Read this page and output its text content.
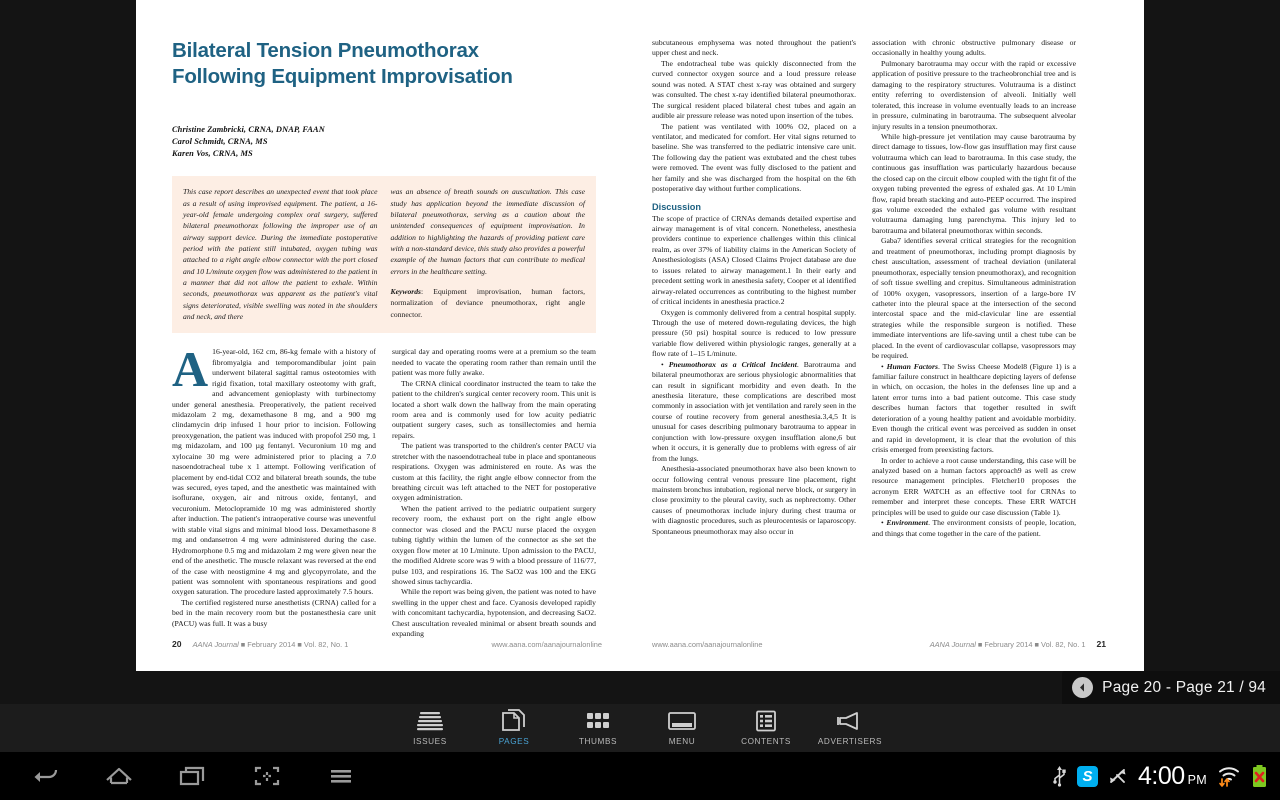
Bilateral Tension Pneumothorax Following Equipment Improvisation
Christine Zambricki, CRNA, DNAP, FAAN
Carol Schmidt, CRNA, MS
Karen Vos, CRNA, MS

This case report describes an unexpected event that took place as a result of using improvised equipment. The patient, a 16-year-old female undergoing complex oral surgery, suffered bilateral pneumothorax following the improper use of an airway support device. During the immediate postoperative period with the patient still intubated, oxygen tubing was attached to a right angle elbow connector with the port closed and 10 L/minute oxygen flow was administered to the patient in a manner that did not allow the patient to exhale. Within seconds, pneumothorax was apparent as the patient's vital signs deteriorated, visible swelling was noted in the shoulders and neck, and there

was an absence of breath sounds on auscultation. This case study has application beyond the immediate discussion of bilateral pneumothorax, serving as a caution about the unintended consequences of equipment improvisation. In addition to highlighting the hazards of providing patient care with a non-standard device, this study also provides a powerful example of the human factors that can contribute to medical errors in the healthcare setting.

Keywords: Equipment improvisation, human factors, normalization of deviance pneumothorax, right angle connector.

A16-year-old, 162 cm, 86-kg female with a history of fibromyalgia and temporomandibular joint pain underwent bilateral sagittal ramus osteotomies with rigid fixation, total maxillary osteotomy with graft, and advancement genioplasty with turbinectomy under general anesthesia. Preoperatively, the patient received midazolam 2 mg, dexamethasone 8 mg, and a 900 mg clindamycin drip infused 1 hour prior to incision. Following preoxygenation, the patient was induced with propofol 250 mg, 1 mg midazolam, and 100 µg fentanyl. Vecuronium 10 mg and xylocaine 30 mg were administered prior to placing a 7.0 nasoendotracheal tube x 1 attempt. Following verification of placement by end-tidal CO2 and bilateral breath sounds, the tube was secured, eyes taped, and the anesthetic was maintained with isoflurane, oxygen, air and nitrous oxide, fentanyl, and vecuronium. Metoclopramide 10 mg was administered shortly after induction. The patient's intraoperative course was uneventful with stable vital signs and minimal blood loss. Dexamethasone 8 mg and ondansetron 4 mg were administered during the case. Hydromorphone 0.5 mg and midazolam 2 mg were given near the end of the anesthetic. The muscle relaxant was reversed at the end of the case with neostigmine 4 mg and glycopyrrolate, and the patient was somnolent with spontaneous respirations and good oxygen saturation. The procedure lasted approximately 7.5 hours.

The certified registered nurse anesthetists (CRNA) called for a bed in the main recovery room but the postanesthesia care unit (PACU) was full. It was a busy

surgical day and operating rooms were at a premium so the team needed to vacate the operating room rather than remain until the patient was more fully awake.

The CRNA clinical coordinator instructed the team to take the patient to the children's surgical center recovery room. This unit is located a short walk down the hallway from the main operating room area and is commonly used for low acuity pediatric outpatient surgery cases, such as tonsillectomies and hernia repairs.

The patient was transported to the children's center PACU via stretcher with the nasoendotracheal tube in place and spontaneous respirations. Oxygen was administered en route. As was the custom at this facility, the right angle elbow connector from the breathing circuit was left attached to the NET for postoperative oxygen administration.

When the patient arrived to the pediatric outpatient surgery recovery room, the exhaust port on the right angle elbow connector was closed and the PACU nurse placed the oxygen tubing tightly within the lumen of the connector as she set the oxygen flow meter at 10 L/minute. Upon admission to the PACU, the modified Aldrete score was 9 with a blood pressure of 116/77, pulse 103, and respirations 16. The SaO2 was 100 and the EKG showed sinus tachycardia.

While the report was being given, the patient was noted to have swelling in the upper chest and face. Cyanosis developed rapidly with concomitant tachycardia, hypotension, and decreasing SaO2. Chest auscultation revealed minimal or absent breath sounds and expanding

20 AANA Journal ■ February 2014 ■ Vol. 82, No. 1	www.aana.com/aanajournalonline

subcutaneous emphysema was noted throughout the patient's upper chest and neck.

The endotracheal tube was quickly disconnected from the curved connector oxygen source and a loud pressure release sound was noted. A STAT chest x-ray was obtained and surgery was consulted. The chest x-ray identified bilateral pneumothorax. The surgical resident placed bilateral chest tubes and again an audible air pressure release was noted upon insertion of the tubes.

The patient was ventilated with 100% O2, placed on a ventilator, and medicated for comfort. Her vital signs returned to baseline. She was transferred to the pediatric intensive care unit. The following day the patient was extubated and the chest tubes were removed. The event was fully disclosed to the patient and her family and she was discharged from the hospital on the 6th postoperative day without further complications.

Discussion

The scope of practice of CRNAs demands detailed expertise and airway management is of vital concern. Nonetheless, anesthesia providers continue to experience challenges within this clinical realm, as over 37% of liability claims in the American Society of Anesthesiologists (ASA) Closed Claims Project database are due to issues related to airway management.1 In their early and precedent setting work in anesthesia safety, Cooper et al identified airway-related occurrences as contributing to the highest number of critical incidents in anesthesia practice.2

Oxygen is commonly delivered from a central hospital supply. Through the use of metered down-regulating devices, the high pressure (50 psi) hospital source is reduced to low pressure variable flow delivered within physiologic ranges, generally at a flow rate of 1–15 L/minute.

• Pneumothorax as a Critical Incident. Barotrauma and bilateral pneumothorax are serious physiologic abnormalities that can result in significant morbidity and even death. In the anesthesia literature, these complications are described most commonly in association with jet ventilation and rarely seen in the course of routine recovery from general anesthesia.3,4,5 It is unusual for cases describing pulmonary barotrauma to appear in conjunction with low-pressure oxygen insufflation alone,6 but when it occurs, it is generally due to problems with egress of air from the lungs.

Anesthesia-associated pneumothorax have also been known to occur following central venous pressure line placement, right mainstem bronchus intubation, regional nerve block, or surgery in close proximity to the pleural cavity, such as nephrectomy. Other causes of pneumothorax include injury during chest trauma or with diagnostic procedures, such as pleurocentesis or laparoscopy. Spontaneous pneumothorax may also occur in

association with chronic obstructive pulmonary disease or occasionally in healthy young adults.

Pulmonary barotrauma may occur with the rapid or excessive application of positive pressure to the tracheobronchial tree and is damaging to the respiratory structures. Volutrauma is a distinct entity referring to overdistension of alveoli. Initially well tolerated, this increase in volume eventually leads to an increase in pressure, culminating in barotrauma. The subsequent alveolar injury results in a tension pneumothorax.

While high-pressure jet ventilation may cause barotrauma by direct damage to tissues, low-flow gas insufflation may first cause volutrauma which can lead to barotrauma. In this case study, the continuous gas insufflation was particularly hazardous because the closed cap on the circuit elbow coupled with the tight fit of the oxygen tubing prevented the egress of exhaled gas. At 10 L/min flow, rapid breath stacking and auto-PEEP occurred. The inspired gas volume exceeded the exhaled gas volume with resultant volutrauma damaging lung parenchyma. This injury led to barotrauma and bilateral pneumothorax within seconds.

Gaba7 identifies several critical strategies for the recognition and treatment of pneumothorax, including prompt diagnosis by chest auscultation, assessment of tracheal deviation (unilateral pneumothorax, especially tension pneumothorax), and recognition of soft tissue swelling and crepitus. Simultaneous administration of 100% oxygen, vasopressors, insertion of a large-bore IV catheter into the pleural space at the intersection of the second intercostal space and the mid-clavicular line are essential strategies while the responsible surgeon is notified. These immediate interventions are life-saving until a chest tube can be placed. In the event of cardiovascular collapse, vasopressors may be required.

• Human Factors. The Swiss Cheese Model8 (Figure 1) is a familiar failure construct in healthcare depicting layers of defense in which, on occasion, the holes in the defenses line up and a latent error turns into a bad patient outcome. This case study describes human factors that together resulted in swift deterioration of a young healthy patient and avoidable morbidity. Even though the critical event was perceived as sudden in onset and rapid in development, it is clear that the evolution of this crisis emerged from preexisting factors.

In order to achieve a root cause understanding, this case will be analyzed based on a human factors approach9 as well as crew resource management principles. Fletcher10 proposes the acronym ERR WATCH as an effective tool for CRNAs to remember and interpret these concepts. These ERR WATCH principles will be used to guide our case discussion (Table 1).

• Environment. The environment consists of people, location, and things that come together in the care of the patient.

www.aana.com/aanajournalonline	AANA Journal ■ February 2014 ■ Vol. 82, No. 1 21
Page 20 - Page 21 / 94
ISSUES	PAGES	THUMBS	MENU	CONTENTS	ADVERTISERS
S 4:00 PM
